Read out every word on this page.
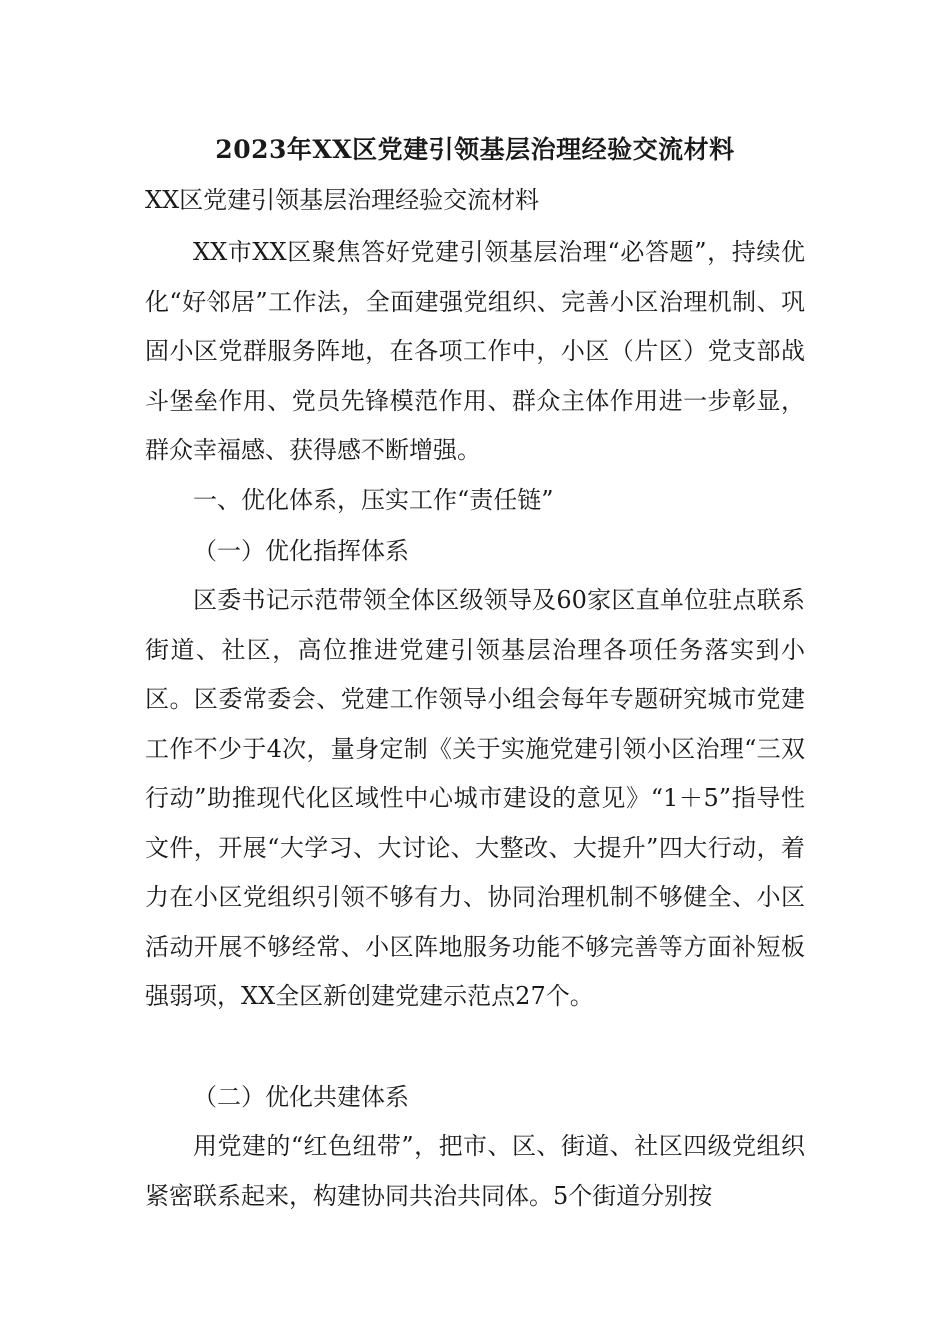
2023年XX区党建引领基层治理经验交流材料
XX区党建引领基层治理经验交流材料

XX市XX区聚焦答好党建引领基层治理“必答题”，持续优化“好邻居”工作法，全面建强党组织、完善小区治理机制、巩固小区党群服务阵地，在各项工作中，小区（片区）党支部战斗堡垒作用、党员先锋模范作用、群众主体作用进一步彰显，群众幸福感、获得感不断增强。

一、优化体系，压实工作“责任链”

（一）优化指挥体系

区委书记示范带领全体区级领导及60家区直单位驻点联系街道、社区，高位推进党建引领基层治理各项任务落实到小区。区委常委会、党建工作领导小组会每年专题研究城市党建工作不少于4次，量身定制《关于实施党建引领小区治理“三双行动”助推现代化区域性中心城市建设的意见》“1＋5”指导性文件，开展“大学习、大讨论、大整改、大提升”四大行动，着力在小区党组织引领不够有力、协同治理机制不够健全、小区活动开展不够经常、小区阵地服务功能不够完善等方面补短板强弱项，XX全区新创建党建示范点27个。

（二）优化共建体系

用党建的“红色纽带”，把市、区、街道、社区四级党组织紧密联系起来，构建协同共治共同体。5个街道分别按
